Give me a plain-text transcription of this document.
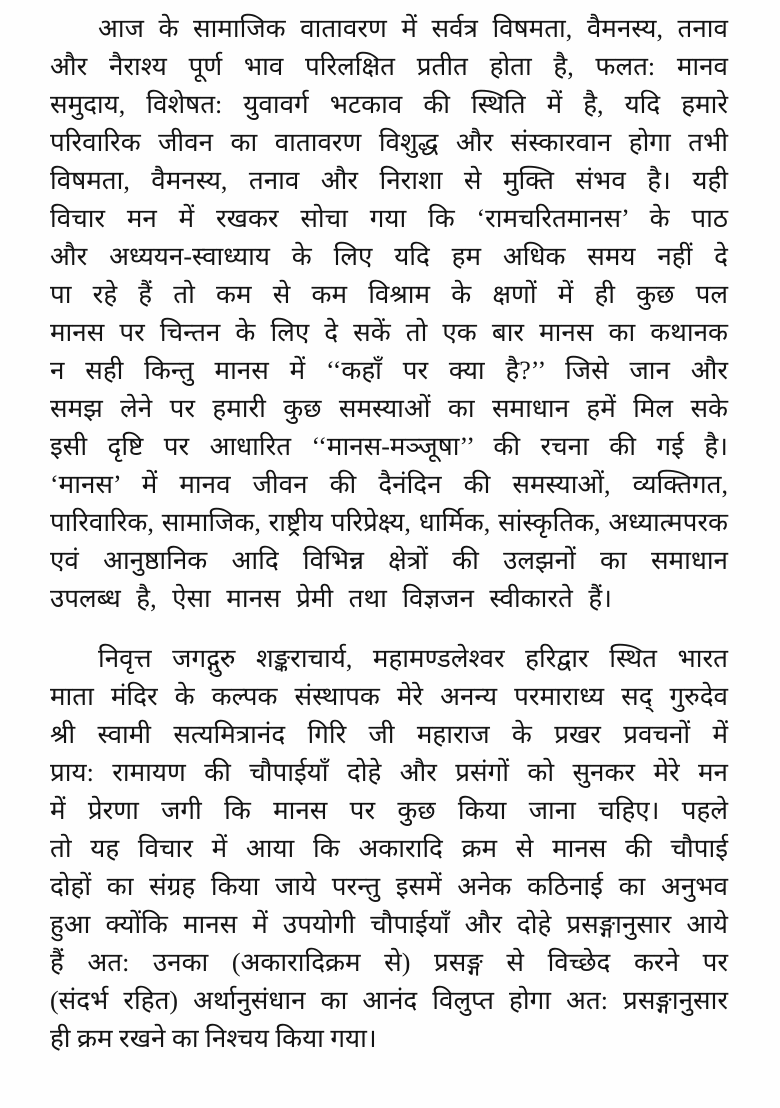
आज के सामाजिक वातावरण में सर्वत्र विषमता, वैमनस्य, तनाव
और नैराश्य पूर्ण भाव परिलक्षित प्रतीत होता है, फलत: मानव
समुदाय, विशेषत: युवावर्ग भटकाव की स्थिति में है, यदि हमारे
परिवारिक जीवन का वातावरण विशुद्ध और संस्कारवान होगा तभी
विषमता, वैमनस्य, तनाव और निराशा से मुक्ति संभव है। यही
विचार मन में रखकर सोचा गया कि ‘रामचरितमानस’ के पाठ
और अध्ययन-स्वाध्याय के लिए यदि हम अधिक समय नहीं दे
पा रहे हैं तो कम से कम विश्राम के क्षणों में ही कुछ पल
मानस पर चिन्तन के लिए दे सकें तो एक बार मानस का कथानक
न सही किन्तु मानस में ‘‘कहाँ पर क्या है?’’ जिसे जान और
समझ लेने पर हमारी कुछ समस्याओं का समाधान हमें मिल सके
इसी दृष्टि पर आधारित ‘‘मानस-मञ्जूषा’’ की रचना की गई है।
‘मानस’ में मानव जीवन की दैनंदिन की समस्याओं, व्यक्तिगत,
पारिवारिक, सामाजिक, राष्ट्रीय परिप्रेक्ष्य, धार्मिक, सांस्कृतिक, अध्यात्मपरक
एवं आनुष्ठानिक आदि विभिन्न क्षेत्रों की उलझनों का समाधान
उपलब्ध है, ऐसा मानस प्रेमी तथा विज्ञजन स्वीकारते हैं।
निवृत्त जगद्गुरु शङ्कराचार्य, महामण्डलेश्वर हरिद्वार स्थित भारत
माता मंदिर के कल्पक संस्थापक मेरे अनन्य परमाराध्य सद् गुरुदेव
श्री स्वामी सत्यमित्रानंद गिरि जी महाराज के प्रखर प्रवचनों में
प्राय: रामायण की चौपाईयाँ दोहे और प्रसंगों को सुनकर मेरे मन
में प्रेरणा जगी कि मानस पर कुछ किया जाना चहिए। पहले
तो यह विचार में आया कि अकारादि क्रम से मानस की चौपाई
दोहों का संग्रह किया जाये परन्तु इसमें अनेक कठिनाई का अनुभव
हुआ क्योंकि मानस में उपयोगी चौपाईयाँ और दोहे प्रसङ्गानुसार आये
हैं अत: उनका (अकारादिक्रम से) प्रसङ्ग से विच्छेद करने पर
(संदर्भ रहित) अर्थानुसंधान का आनंद विलुप्त होगा अत: प्रसङ्गानुसार
ही क्रम रखने का निश्चय किया गया।
